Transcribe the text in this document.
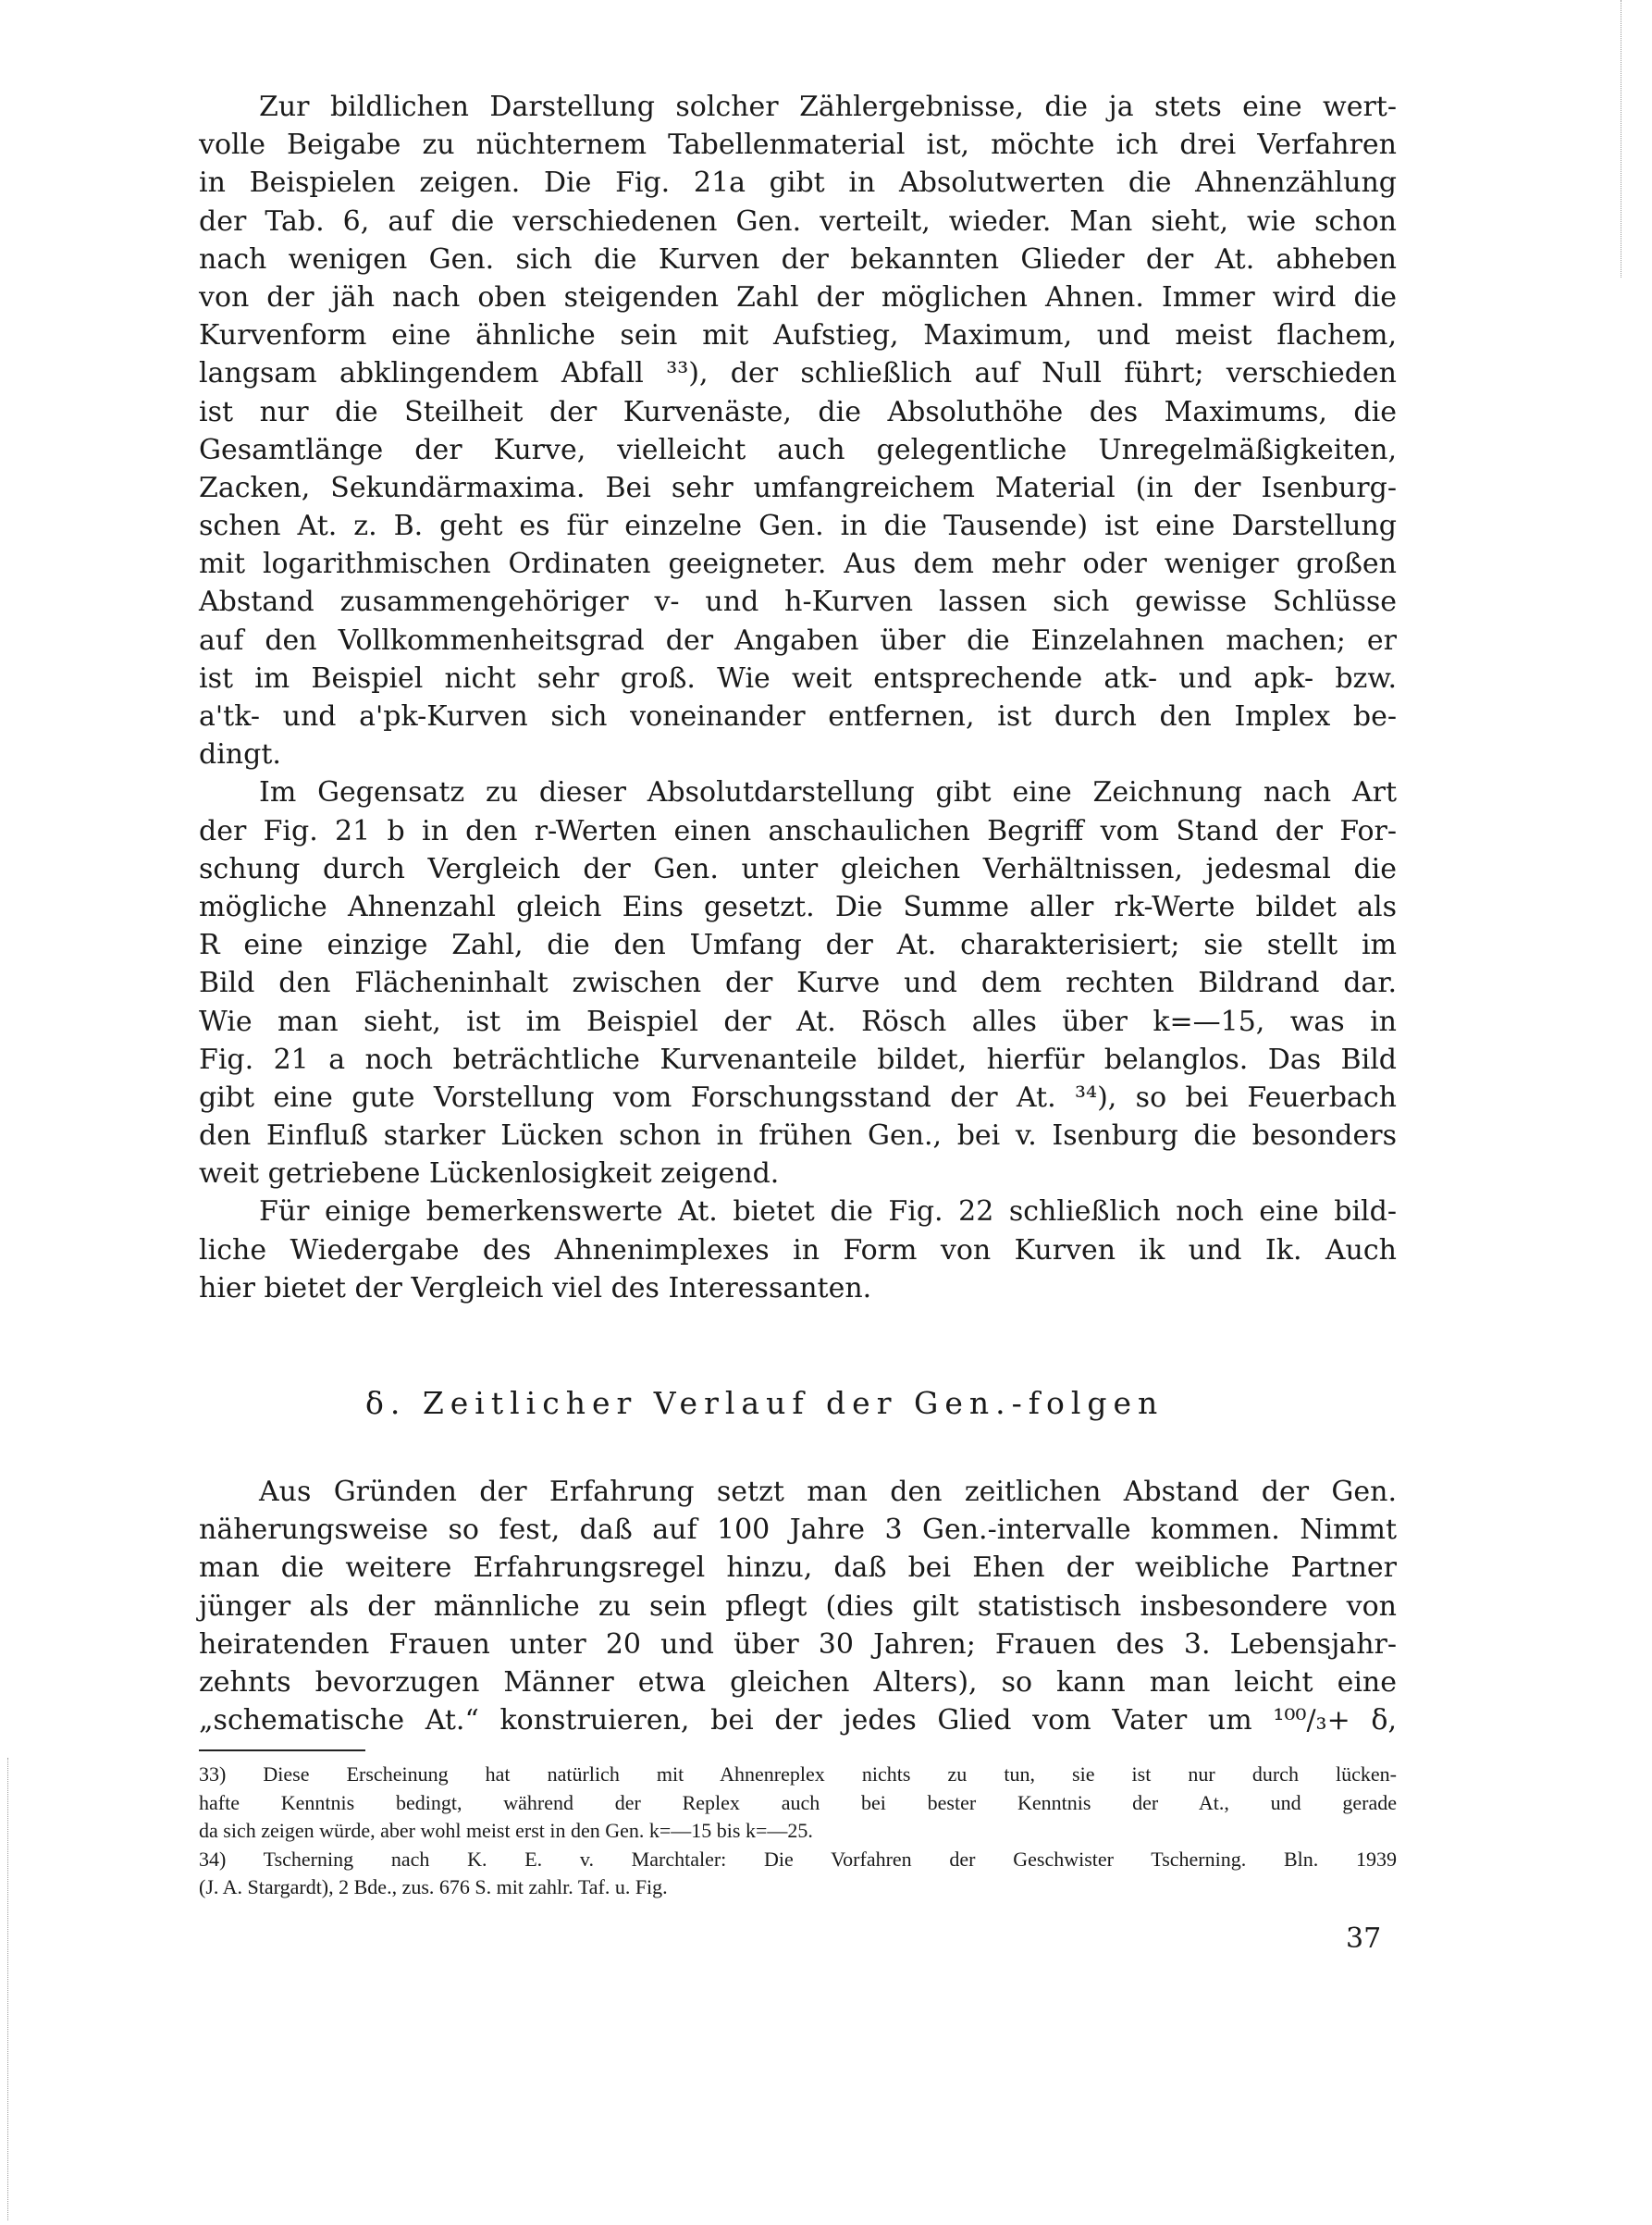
Zur bildlichen Darstellung solcher Zählergebnisse, die ja stets eine wert-
volle Beigabe zu nüchternem Tabellenmaterial ist, möchte ich drei Verfahren
in Beispielen zeigen. Die Fig. 21a gibt in Absolutwerten die Ahnenzählung
der Tab. 6, auf die verschiedenen Gen. verteilt, wieder. Man sieht, wie schon
nach wenigen Gen. sich die Kurven der bekannten Glieder der At. abheben
von der jäh nach oben steigenden Zahl der möglichen Ahnen. Immer wird die
Kurvenform eine ähnliche sein mit Aufstieg, Maximum, und meist flachem,
langsam abklingendem Abfall ³³), der schließlich auf Null führt; verschieden
ist nur die Steilheit der Kurvenäste, die Absoluthöhe des Maximums, die
Gesamtlänge der Kurve, vielleicht auch gelegentliche Unregelmäßigkeiten,
Zacken, Sekundärmaxima. Bei sehr umfangreichem Material (in der Isenburg-
schen At. z. B. geht es für einzelne Gen. in die Tausende) ist eine Darstellung
mit logarithmischen Ordinaten geeigneter. Aus dem mehr oder weniger großen
Abstand zusammengehöriger v- und h-Kurven lassen sich gewisse Schlüsse
auf den Vollkommenheitsgrad der Angaben über die Einzelahnen machen; er
ist im Beispiel nicht sehr groß. Wie weit entsprechende atk- und apk- bzw.
a'tk- und a'pk-Kurven sich voneinander entfernen, ist durch den Implex be-
dingt.
Im Gegensatz zu dieser Absolutdarstellung gibt eine Zeichnung nach Art
der Fig. 21 b in den r-Werten einen anschaulichen Begriff vom Stand der For-
schung durch Vergleich der Gen. unter gleichen Verhältnissen, jedesmal die
mögliche Ahnenzahl gleich Eins gesetzt. Die Summe aller rk-Werte bildet als
R eine einzige Zahl, die den Umfang der At. charakterisiert; sie stellt im
Bild den Flächeninhalt zwischen der Kurve und dem rechten Bildrand dar.
Wie man sieht, ist im Beispiel der At. Rösch alles über k=—15, was in
Fig. 21 a noch beträchtliche Kurvenanteile bildet, hierfür belanglos. Das Bild
gibt eine gute Vorstellung vom Forschungsstand der At. ³⁴), so bei Feuerbach
den Einfluß starker Lücken schon in frühen Gen., bei v. Isenburg die besonders
weit getriebene Lückenlosigkeit zeigend.
Für einige bemerkenswerte At. bietet die Fig. 22 schließlich noch eine bild-
liche Wiedergabe des Ahnenimplexes in Form von Kurven ik und Ik. Auch
hier bietet der Vergleich viel des Interessanten.
δ. Zeitlicher Verlauf der Gen.-folgen
Aus Gründen der Erfahrung setzt man den zeitlichen Abstand der Gen.
näherungsweise so fest, daß auf 100 Jahre 3 Gen.-intervalle kommen. Nimmt
man die weitere Erfahrungsregel hinzu, daß bei Ehen der weibliche Partner
jünger als der männliche zu sein pflegt (dies gilt statistisch insbesondere von
heiratenden Frauen unter 20 und über 30 Jahren; Frauen des 3. Lebensjahr-
zehnts bevorzugen Männer etwa gleichen Alters), so kann man leicht eine
„schematische At.“ konstruieren, bei der jedes Glied vom Vater um ¹⁰⁰/₃+ δ,
33) Diese Erscheinung hat natürlich mit Ahnenreplex nichts zu tun, sie ist nur durch lücken-
hafte Kenntnis bedingt, während der Replex auch bei bester Kenntnis der At., und gerade
da sich zeigen würde, aber wohl meist erst in den Gen. k=—15 bis k=—25.
34) Tscherning nach K. E. v. Marchtaler: Die Vorfahren der Geschwister Tscherning. Bln. 1939
(J. A. Stargardt), 2 Bde., zus. 676 S. mit zahlr. Taf. u. Fig.
37
